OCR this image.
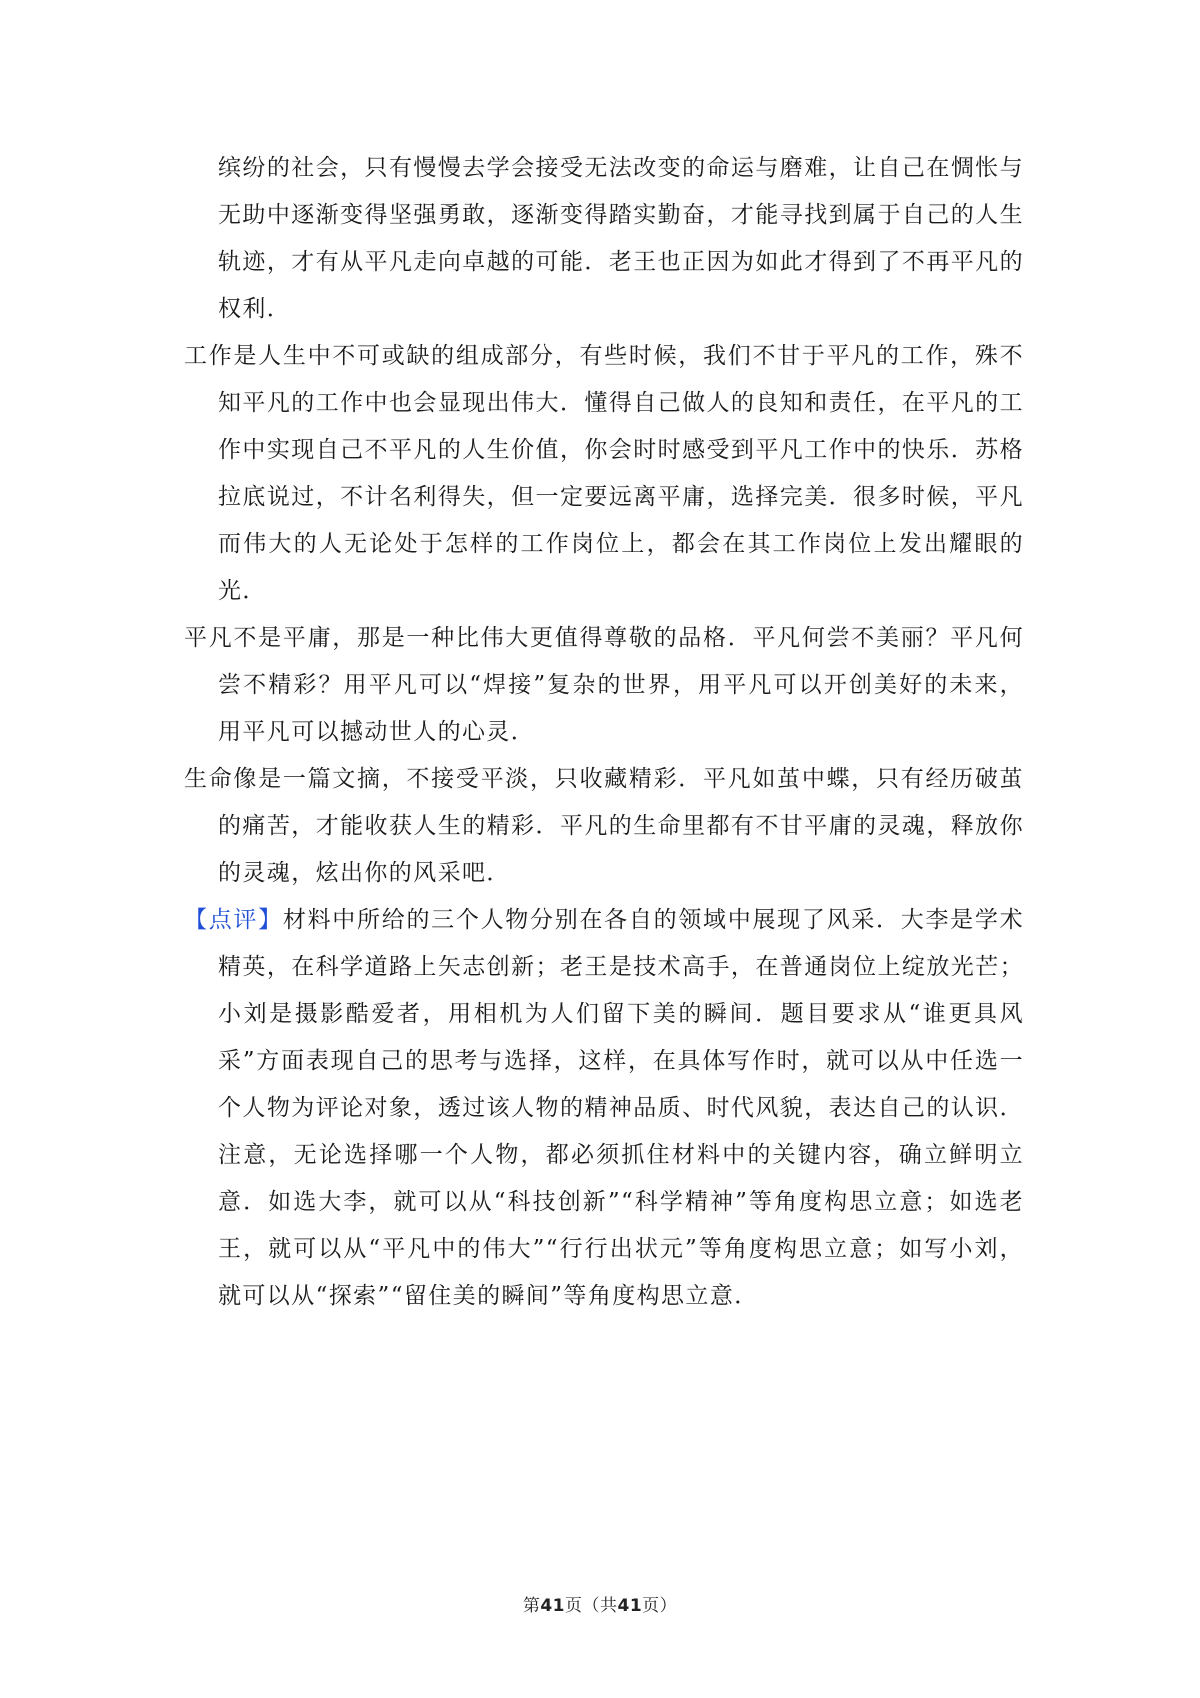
缤纷的社会，只有慢慢去学会接受无法改变的命运与磨难，让自己在惆怅与无助中逐渐变得坚强勇敢，逐渐变得踏实勤奋，才能寻找到属于自己的人生轨迹，才有从平凡走向卓越的可能．老王也正因为如此才得到了不再平凡的权利．

工作是人生中不可或缺的组成部分，有些时候，我们不甘于平凡的工作，殊不知平凡的工作中也会显现出伟大．懂得自己做人的良知和责任，在平凡的工作中实现自己不平凡的人生价值，你会时时感受到平凡工作中的快乐．苏格拉底说过，不计名利得失，但一定要远离平庸，选择完美．很多时候，平凡而伟大的人无论处于怎样的工作岗位上，都会在其工作岗位上发出耀眼的光．

平凡不是平庸，那是一种比伟大更值得尊敬的品格．平凡何尝不美丽？平凡何尝不精彩？用平凡可以“焊接”复杂的世界，用平凡可以开创美好的未来，用平凡可以撼动世人的心灵．

生命像是一篇文摘，不接受平淡，只收藏精彩．平凡如茧中蝶，只有经历破茧的痛苦，才能收获人生的精彩．平凡的生命里都有不甘平庸的灵魂，释放你的灵魂，炫出你的风采吧．

【点评】材料中所给的三个人物分别在各自的领域中展现了风采．大李是学术精英，在科学道路上矢志创新；老王是技术高手，在普通岗位上绽放光芒；小刘是摄影酷爱者，用相机为人们留下美的瞬间．题目要求从“谁更具风采”方面表现自己的思考与选择，这样，在具体写作时，就可以从中任选一个人物为评论对象，透过该人物的精神品质、时代风貌，表达自己的认识．注意，无论选择哪一个人物，都必须抓住材料中的关键内容，确立鲜明立意．如选大李，就可以从“科技创新”“科学精神”等角度构思立意；如选老王，就可以从“平凡中的伟大”“行行出状元”等角度构思立意；如写小刘，就可以从“探索”“留住美的瞬间”等角度构思立意．

第41页（共41页）
